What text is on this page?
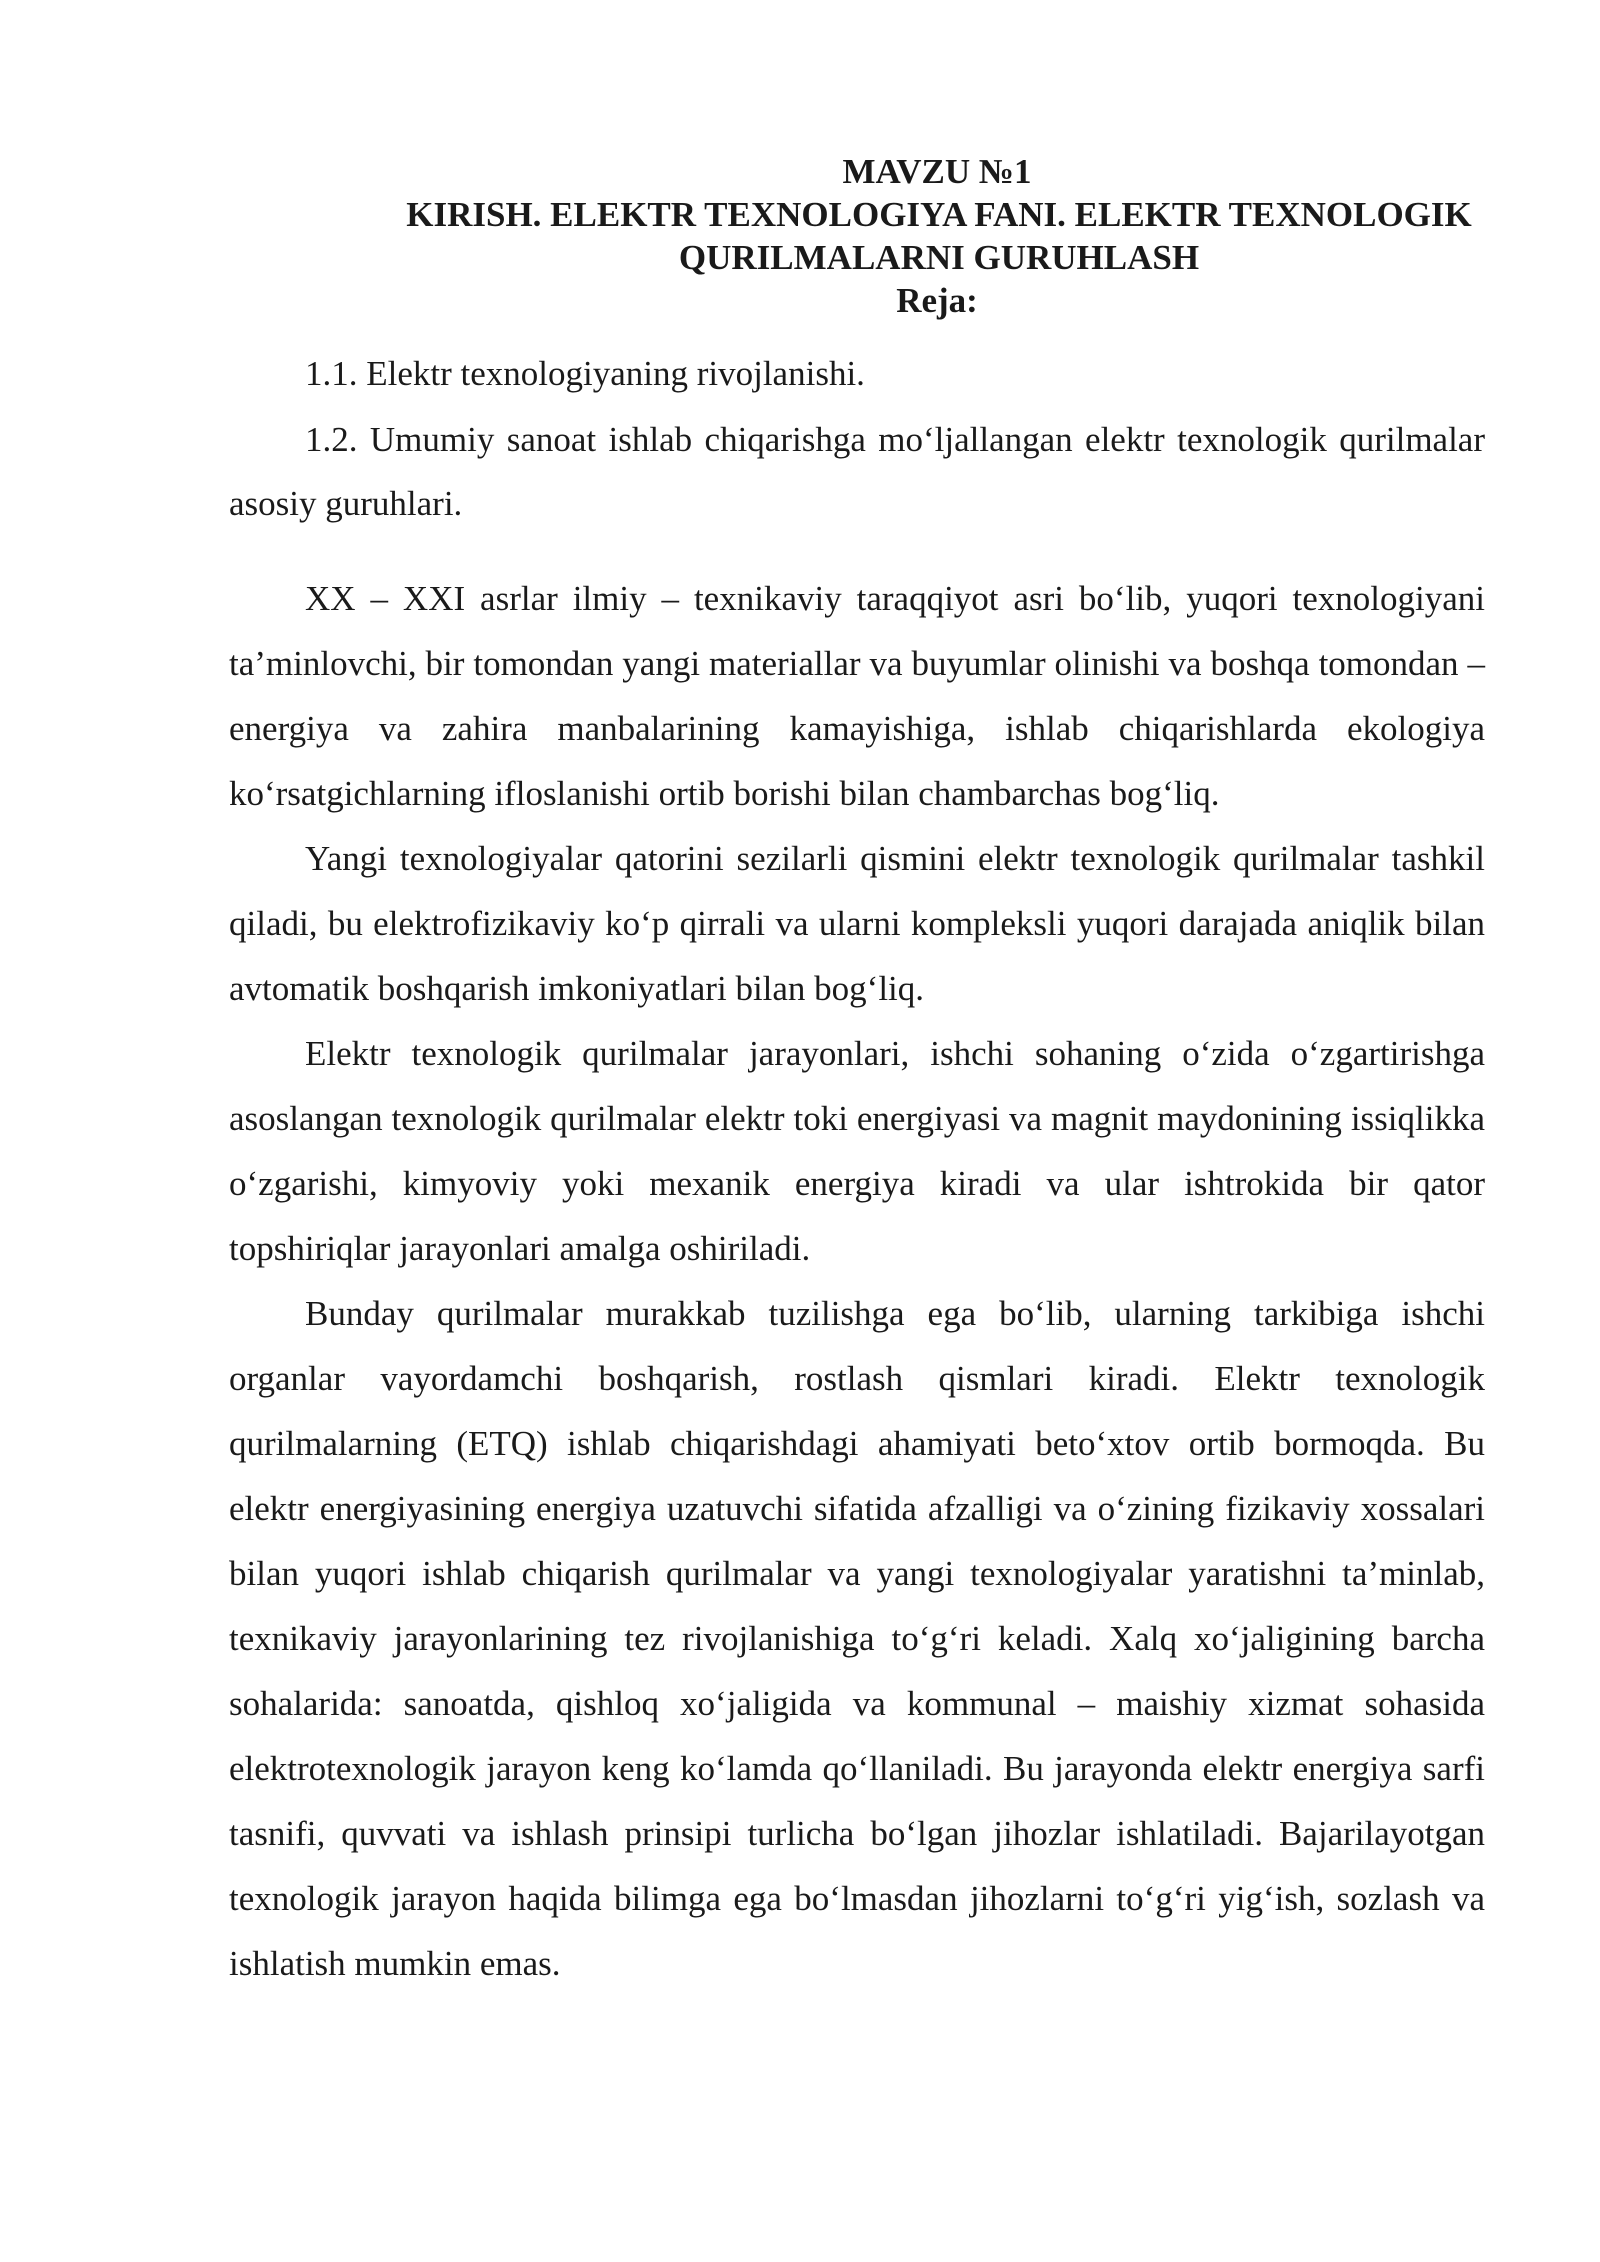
MAVZU №1

KIRISH. ELEKTR TEXNOLOGIYA FANI. ELEKTR TEXNOLOGIK

QURILMALARNI GURUHLASH

Reja:

1.1. Elektr texnologiyaning rivojlanishi.

1.2. Umumiy sanoat ishlab chiqarishga mo‘ljallangan elektr texnologik qurilmalar asosiy guruhlari.

XX – XXI asrlar ilmiy – texnikaviy taraqqiyot asri bo‘lib, yuqori texnologiyani ta’minlovchi, bir tomondan yangi materiallar va buyumlar olinishi va boshqa tomondan – energiya va zahira manbalarining kamayishiga, ishlab chiqarishlarda ekologiya ko‘rsatgichlarning ifloslanishi ortib borishi bilan chambarchas bog‘liq.

Yangi texnologiyalar qatorini sezilarli qismini elektr texnologik qurilmalar tashkil qiladi, bu elektrofizikaviy ko‘p qirrali va ularni kompleksli yuqori darajada aniqlik bilan avtomatik boshqarish imkoniyatlari bilan bog‘liq.

Elektr texnologik qurilmalar jarayonlari, ishchi sohaning o‘zida o‘zgartirishga asoslangan texnologik qurilmalar elektr toki energiyasi va magnit maydonining issiqlikka o‘zgarishi, kimyoviy yoki mexanik energiya kiradi va ular ishtrokida bir qator topshiriqlar jarayonlari amalga oshiriladi.

Bunday qurilmalar murakkab tuzilishga ega bo‘lib, ularning tarkibiga ishchi organlar vayordamchi boshqarish, rostlash qismlari kiradi. Elektr texnologik qurilmalarning (ETQ) ishlab chiqarishdagi ahamiyati beto‘xtov ortib bormoqda. Bu elektr energiyasining energiya uzatuvchi sifatida afzalligi va o‘zining fizikaviy xossalari bilan yuqori ishlab chiqarish qurilmalar va yangi texnologiyalar yaratishni ta’minlab, texnikaviy jarayonlarining tez rivojlanishiga to‘g‘ri keladi. Xalq xo‘jaligining barcha sohalarida: sanoatda, qishloq xo‘jaligida va kommunal – maishiy xizmat sohasida elektrotexnologik jarayon keng ko‘lamda qo‘llaniladi. Bu jarayonda elektr energiya sarfi tasnifi, quvvati va ishlash prinsipi turlicha bo‘lgan jihozlar ishlatiladi. Bajarilayotgan texnologik jarayon haqida bilimga ega bo‘lmasdan jihozlarni to‘g‘ri yig‘ish, sozlash va ishlatish mumkin emas.
